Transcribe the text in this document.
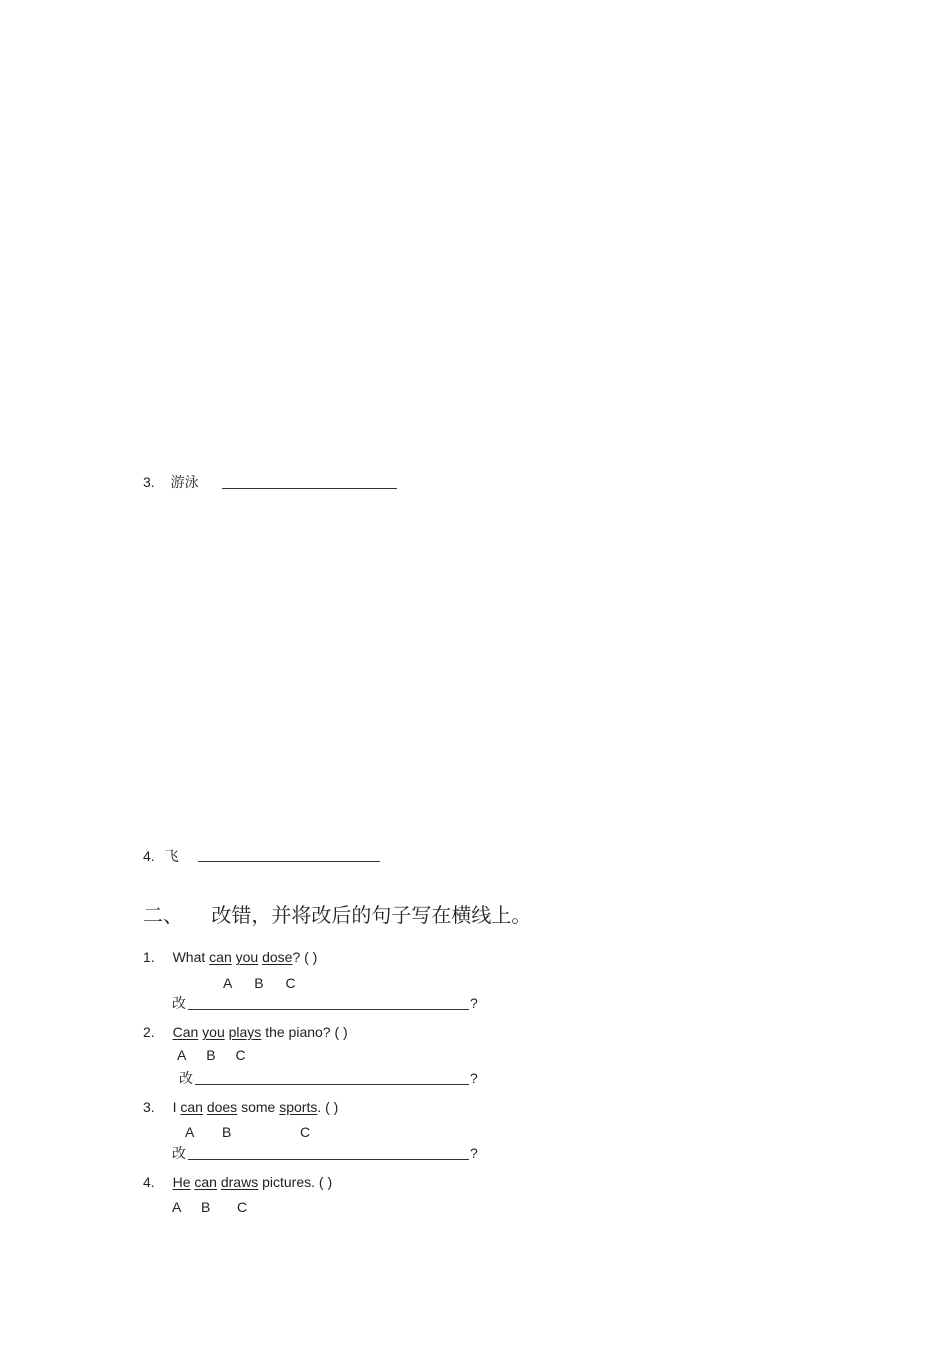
3. 游泳
4. 飞
二、 改错，并将改后的句子写在横线上。
1. What can you dose? ( )
A B C
改	?
2. Can you plays the piano? ( )
A B C
改	?
3. I can does some sports. ( )
A B	C
改	?
4. He can draws pictures. ( )
A B C
